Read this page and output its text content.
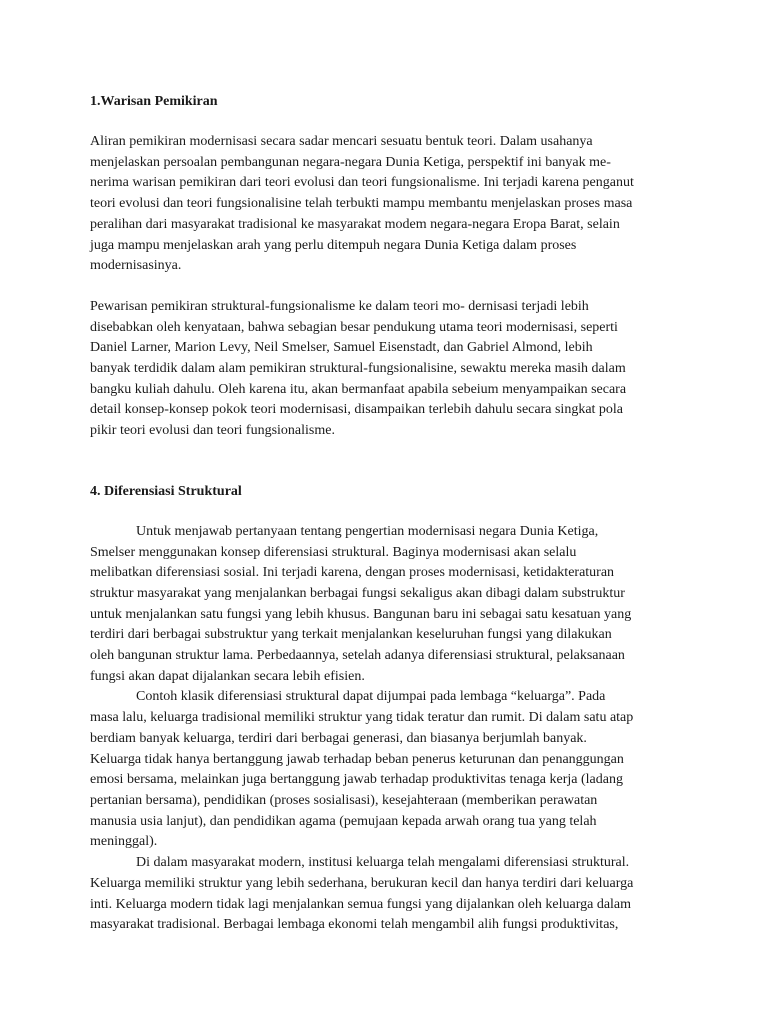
1.Warisan Pemikiran

Aliran pemikiran modernisasi secara sadar mencari sesuatu bentuk teori. Dalam usahanya
menjelaskan persoalan pembangunan negara-negara Dunia Ketiga, perspektif ini banyak me-
nerima warisan pemikiran dari teori evolusi dan teori fungsionalisme. Ini terjadi karena penganut
teori evolusi dan teori fungsionalisine telah terbukti mampu membantu menjelaskan proses masa
peralihan dari masyarakat tradisional ke masyarakat modem negara-negara Eropa Barat, selain
juga mampu menjelaskan arah yang perlu ditempuh negara Dunia Ketiga dalam proses
modernisasinya.

Pewarisan pemikiran struktural-fungsionalisme ke dalam teori mo- dernisasi terjadi lebih
disebabkan oleh kenyataan, bahwa sebagian besar pendukung utama teori modernisasi, seperti
Daniel Larner, Marion Levy, Neil Smelser, Samuel Eisenstadt, dan Gabriel Almond, lebih
banyak terdidik dalam alam pemikiran struktural-fungsionalisine, sewaktu mereka masih dalam
bangku kuliah dahulu. Oleh karena itu, akan bermanfaat apabila sebeium menyampaikan secara
detail konsep-konsep pokok teori modernisasi, disampaikan terlebih dahulu secara singkat pola
pikir teori evolusi dan teori fungsionalisme.

4. Diferensiasi Struktural

Untuk menjawab pertanyaan tentang pengertian modernisasi negara Dunia Ketiga,
Smelser menggunakan konsep diferensiasi struktural. Baginya modernisasi akan selalu
melibatkan diferensiasi sosial. Ini terjadi karena, dengan proses modernisasi, ketidakteraturan
struktur masyarakat yang menjalankan berbagai fungsi sekaligus akan dibagi dalam substruktur
untuk menjalankan satu fungsi yang lebih khusus. Bangunan baru ini sebagai satu kesatuan yang
terdiri dari berbagai substruktur yang terkait menjalankan keseluruhan fungsi yang dilakukan
oleh bangunan struktur lama. Perbedaannya, setelah adanya diferensiasi struktural, pelaksanaan
fungsi akan dapat dijalankan secara lebih efisien.

Contoh klasik diferensiasi struktural dapat dijumpai pada lembaga “keluarga”. Pada
masa lalu, keluarga tradisional memiliki struktur yang tidak teratur dan rumit. Di dalam satu atap
berdiam banyak keluarga, terdiri dari berbagai generasi, dan biasanya berjumlah banyak.
Keluarga tidak hanya bertanggung jawab terhadap beban penerus keturunan dan penanggungan
emosi bersama, melainkan juga bertanggung jawab terhadap produktivitas tenaga kerja (ladang
pertanian bersama), pendidikan (proses sosialisasi), kesejahteraan (memberikan perawatan
manusia usia lanjut), dan pendidikan agama (pemujaan kepada arwah orang tua yang telah
meninggal).

Di dalam masyarakat modern, institusi keluarga telah mengalami diferensiasi struktural.
Keluarga memiliki struktur yang lebih sederhana, berukuran kecil dan hanya terdiri dari keluarga
inti. Keluarga modern tidak lagi menjalankan semua fungsi yang dijalankan oleh keluarga dalam
masyarakat tradisional. Berbagai lembaga ekonomi telah mengambil alih fungsi produktivitas,
